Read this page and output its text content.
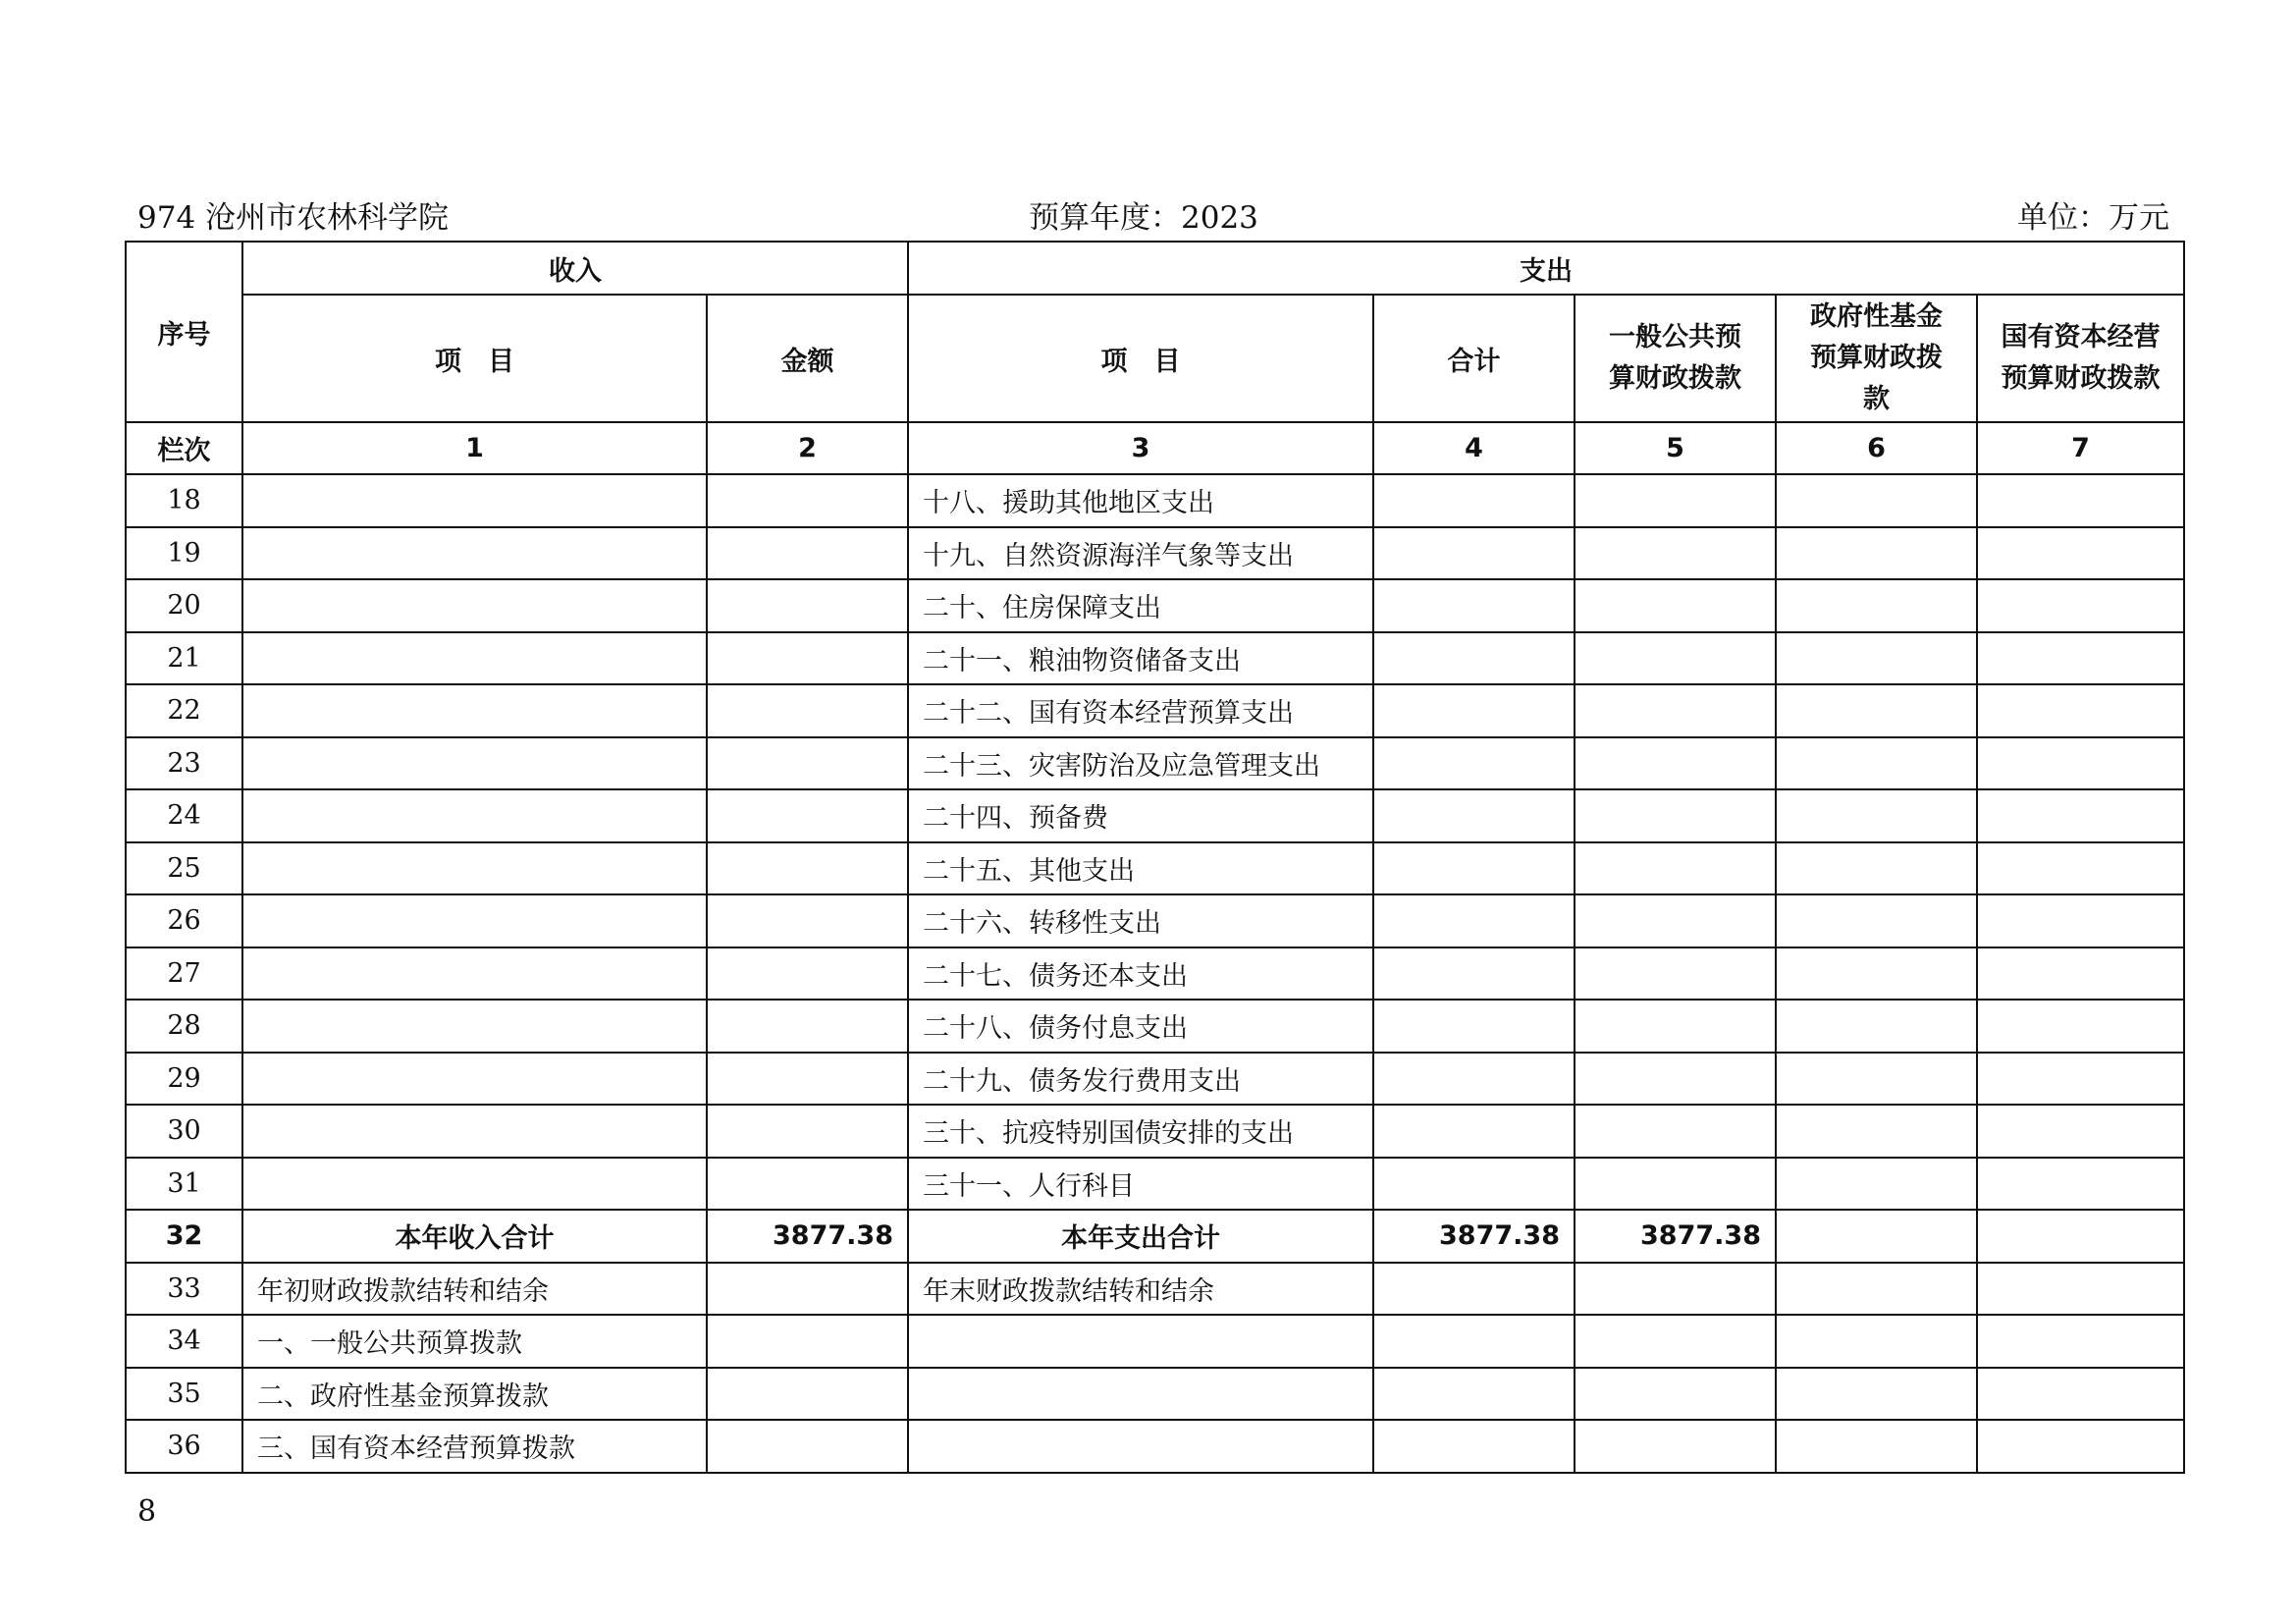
974 沧州市农林科学院	预算年度：2023	单位：万元
序号	收入		支出				
	项　目	金额	项　目	合计	一般公共预算财政拨款	政府性基金预算财政拨款	国有资本经营预算财政拨款
栏次	1	2	3	4	5	6	7
18			十八、援助其他地区支出				
19			十九、自然资源海洋气象等支出				
20			二十、住房保障支出				
21			二十一、粮油物资储备支出				
22			二十二、国有资本经营预算支出				
23			二十三、灾害防治及应急管理支出				
24			二十四、预备费				
25			二十五、其他支出				
26			二十六、转移性支出				
27			二十七、债务还本支出				
28			二十八、债务付息支出				
29			二十九、债务发行费用支出				
30			三十、抗疫特别国债安排的支出				
31			三十一、人行科目				
32	本年收入合计	3877.38	本年支出合计	3877.38	3877.38		
33	年初财政拨款结转和结余		年末财政拨款结转和结余				
34	一、一般公共预算拨款						
35	二、政府性基金预算拨款						
36	三、国有资本经营预算拨款						
8
